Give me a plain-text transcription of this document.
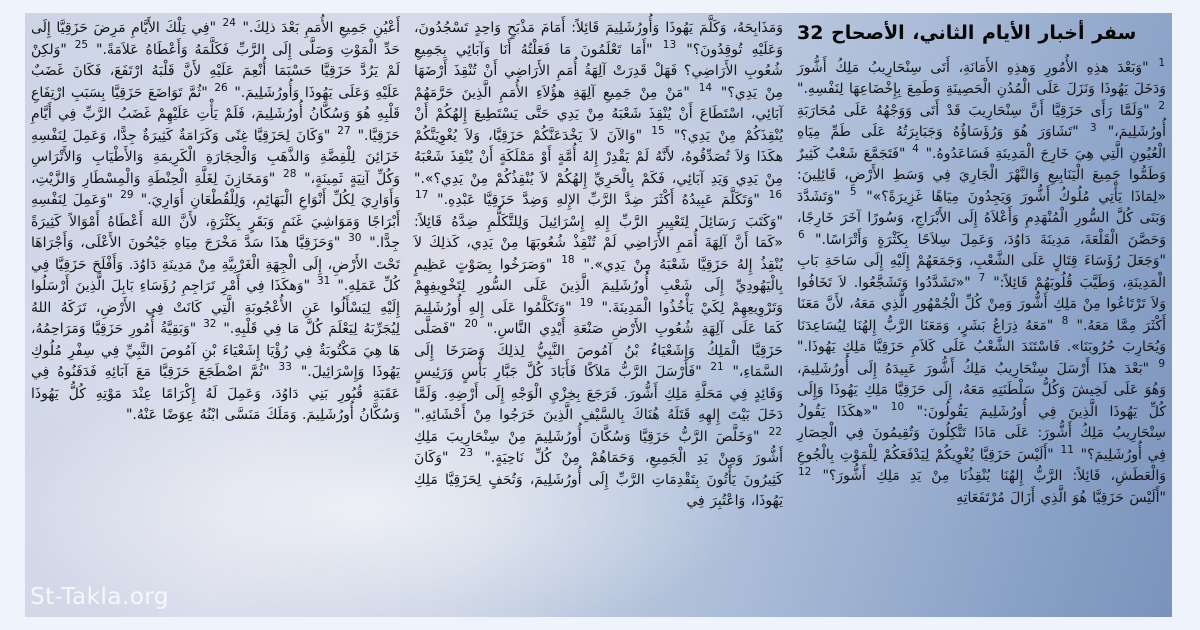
سفر أخبار الأيام الثاني، الأصحاح 32
$^1$ "وَبَعْدَ هذِهِ الأُمُورِ وَهذِهِ الأَمَانَةِ، أَتَى سِنْحَارِيبُ مَلِكُ أَشُّورَ وَدَخَلَ يَهُوذَا وَنَزَلَ عَلَى الْمُدُنِ الْحَصِينَةِ وَطَمِعَ بِإِخْضَاعِهَا لِنَفْسِهِ." $^2$ "وَلَمَّا رَأَى حَزَقِيَّا أَنَّ سِنْحَارِيبَ قَدْ أَتَى وَوَجْهُهُ عَلَى مُحَارَبَةِ أُورُشَلِيمَ،" $^3$ "تَشَاوَرَ هُوَ وَرُؤَسَاؤُهُ وَجَبَابِرَتُهُ عَلَى طَمِّ مِيَاهِ الْعُيُونِ الَّتِي هِيَ خَارِجَ الْمَدِينَةِ فَسَاعَدُوهُ." $^4$ "فَتَجَمَّعَ شَعْبٌ كَثِيرٌ وَطَمُّوا جَمِيعَ الْيَنَابِيعِ وَالنَّهْرَ الْجَارِيَ فِي وَسَطِ الأَرْضِ، قَائِلِينَ: «لِمَاذَا يَأْتِي مُلُوكُ أَشُّورَ وَيَجِدُونَ مِيَاهًا غَزِيرَةً؟»" $^5$ "وَتَشَدَّدَ وَبَنَى كُلَّ السُّورِ الْمُنْهَدِمِ وَأَعْلاَهُ إِلَى الأَبْرَاجِ، وَسُورًا آخَرَ خَارِجًا، وَحَصَّنَ الْقَلْعَةَ، مَدِينَةَ دَاوُدَ، وَعَمِلَ سِلاَحًا بِكَثْرَةٍ وَأَتْرَاسًا." $^6$ "وَجَعَلَ رُؤَسَاءَ قِتَالٍ عَلَى الشَّعْبِ، وَجَمَعَهُمْ إِلَيْهِ إِلَى سَاحَةِ بَابِ الْمَدِينَةِ، وَطَيَّبَ قُلُوبَهُمْ قَائِلاً:" $^7$ "«تَشَدَّدُوا وَتَشَجَّعُوا. لاَ تَخَافُوا وَلاَ تَرْتَاعُوا مِنْ مَلِكِ أَشُّورَ وَمِنْ كُلِّ الْجُمْهُورِ الَّذِي مَعَهُ، لأَنَّ مَعَنَا أَكْثَرَ مِمَّا مَعَهُ." $^8$ "مَعَهُ ذِرَاعُ بَشَرٍ، وَمَعَنَا الرَّبُّ إِلهُنَا لِيُسَاعِدَنَا وَيُحَارِبَ حُرُوبَنَا». فَاسْتَنَدَ الشَّعْبُ عَلَى كَلاَمِ حَزَقِيَّا مَلِكِ يَهُوذَا." $^9$ "بَعْدَ هذَا أَرْسَلَ سِنْحَارِيبُ مَلِكُ أَشُّورَ عَبِيدَهُ إِلَى أُورُشَلِيمَ، وَهُوَ عَلَى لَخِيشَ وَكُلُّ سَلْطَنَتِهِ مَعَهُ، إِلَى حَزَقِيَّا مَلِكِ يَهُوذَا وَإِلَى كُلِّ يَهُوذَا الَّذِينَ فِي أُورُشَلِيمَ يَقُولُونَ:" $^{10}$ "«هكَذَا يَقُولُ سِنْحَارِيبُ مَلِكُ أَشُّورَ: عَلَى مَاذَا تَتَّكِلُونَ وَتُقِيمُونَ فِي الْحِصَارِ فِي أُورُشَلِيمَ؟" $^{11}$ "أَلَيْسَ حَزَقِيَّا يُغْوِيكُمْ لِيَدْفَعَكُمْ لِلْمَوْتِ بِالْجُوعِ وَالْعَطَشِ، قَائِلاً: الرَّبُّ إِلهُنَا يُنْقِذُنَا مِنْ يَدِ مَلِكِ أَشُّورَ؟" $^{12}$ "أَلَيْسَ حَزَقِيَّا هُوَ الَّذِي أَزَالَ مُرْتَفَعَاتِهِ
وَمَذَابِحَهُ، وَكَلَّمَ يَهُوذَا وَأُورُشَلِيمَ قَائِلاً: أَمَامَ مَذْبَحٍ وَاحِدٍ تَسْجُدُونَ، وَعَلَيْهِ تُوقِدُونَ؟" $^{13}$ "أَمَا تَعْلَمُونَ مَا فَعَلْتُهُ أَنَا وَآبَائِي بِجَمِيعِ شُعُوبِ الأَرَاضِي؟ فَهَلْ قَدِرَتْ آلِهَةُ أُمَمِ الأَرَاضِي أَنْ تُنْقِذَ أَرْضَهَا مِنْ يَدِي؟" $^{14}$ "مَنْ مِنْ جَمِيعِ آلِهَةِ هؤُلاَءِ الأُمَمِ الَّذِينَ حَرَّمَهُمْ آبَائِي، اسْتَطَاعَ أَنْ يُنْقِذَ شَعْبَهُ مِنْ يَدِي حَتَّى يَسْتَطِيعَ إِلهُكُمْ أَنْ يُنْقِذَكُمْ مِنْ يَدِي؟" $^{15}$ "وَالآنَ لاَ يَخْدَعَنَّكُمْ حَزَقِيَّا، وَلاَ يُغْوِيَنَّكُمْ هكَذَا وَلاَ تُصَدِّقُوهُ، لأَنَّهُ لَمْ يَقْدِرْ إِلهُ أُمَّةٍ أَوْ مَمْلَكَةٍ أَنْ يُنْقِذَ شَعْبَهُ مِنْ يَدِي وَيَدِ آبَائِي، فَكَمْ بِالْحَرِيِّ إِلهُكُمْ لاَ يُنْقِذُكُمْ مِنْ يَدِي؟»." $^{16}$ "وَتَكَلَّمَ عَبِيدُهُ أَكْثَرَ ضِدَّ الرَّبِّ الإِلهِ وَضِدَّ حَزَقِيَّا عَبْدِهِ." $^{17}$ "وَكَتَبَ رَسَائِلَ لِتَعْيِيرِ الرَّبِّ إِلهِ إِسْرَائِيلَ وَلِلتَّكَلُّمِ ضِدَّهُ قَائِلاً: «كَمَا أَنَّ آلِهَةَ أُمَمِ الأَرَاضِي لَمْ تُنْقِذْ شُعُوبَهَا مِنْ يَدِي، كَذلِكَ لاَ يُنْقِذُ إِلهُ حَزَقِيَّا شَعْبَهُ مِنْ يَدِي»." $^{18}$ "وَصَرَخُوا بِصَوْتٍ عَظِيمٍ بِالْيَهُودِيِّ إِلَى شَعْبِ أُورُشَلِيمَ الَّذِينَ عَلَى السُّورِ لِتَخْوِيفِهِمْ وَتَرْوِيعِهِمْ لِكَيْ يَأْخُذُوا الْمَدِينَةَ." $^{19}$ "وَتَكَلَّمُوا عَلَى إِلهِ أُورُشَلِيمَ كَمَا عَلَى آلِهَةِ شُعُوبِ الأَرْضِ صَنْعَةِ أَيْدِي النَّاسِ." $^{20}$ "فَصَلَّى حَزَقِيَّا الْمَلِكُ وَإِشَعْيَاءُ بْنُ آمُوصَ النَّبِيُّ لِذلِكَ وَصَرَخَا إِلَى السَّمَاءِ،" $^{21}$ "فَأَرْسَلَ الرَّبُّ مَلاَكًا فَأَبَادَ كُلَّ جَبَّارِ بَأْسٍ وَرَئِيسٍ وَقَائِدٍ فِي مَحَلَّةِ مَلِكِ أَشُّورَ. فَرَجَعَ بِخِزْيِ الْوَجْهِ إِلَى أَرْضِهِ. وَلَمَّا دَخَلَ بَيْتَ إِلهِهِ قَتَلَهُ هُنَاكَ بِالسَّيْفِ الَّذِينَ خَرَجُوا مِنْ أَحْشَائِهِ." $^{22}$ "وَخَلَّصَ الرَّبُّ حَزَقِيَّا وَسُكَّانَ أُورُشَلِيمَ مِنْ سِنْحَارِيبَ مَلِكِ أَشُّورَ وَمِنْ يَدِ الْجَمِيعِ، وَحَمَاهُمْ مِنْ كُلِّ نَاحِيَةٍ." $^{23}$ "وَكَانَ كَثِيرُونَ يَأْتُونَ بِتَقْدِمَاتِ الرَّبِّ إِلَى أُورُشَلِيمَ، وَتُحَفٍ لِحَزَقِيَّا مَلِكِ يَهُوذَا، وَاعْتُبِرَ فِي
أَعْيُنِ جَمِيعِ الأُمَمِ بَعْدَ ذلِكَ." $^{24}$ "فِي تِلْكَ الأَيَّامِ مَرِضَ حَزَقِيَّا إِلَى حَدِّ الْمَوْتِ وَصَلَّى إِلَى الرَّبِّ فَكَلَّمَهُ وَأَعْطَاهُ عَلاَمَةً." $^{25}$ "وَلكِنْ لَمْ يَرُدَّ حَزَقِيَّا حَسْبَمَا أُنْعِمَ عَلَيْهِ لأَنَّ قَلْبَهُ ارْتَفَعَ، فَكَانَ غَضَبٌ عَلَيْهِ وَعَلَى يَهُوذَا وَأُورُشَلِيمَ." $^{26}$ "ثُمَّ تَوَاضَعَ حَزَقِيَّا بِسَبَبِ ارْتِفَاعِ قَلْبِهِ هُوَ وَسُكَّانُ أُورُشَلِيمَ، فَلَمْ يَأْتِ عَلَيْهِمْ غَضَبُ الرَّبِّ فِي أَيَّامِ حَزَقِيَّا." $^{27}$ "وَكَانَ لِحَزَقِيَّا غِنًى وَكَرَامَةٌ كَثِيرَةٌ جِدًّا، وَعَمِلَ لِنَفْسِهِ خَزَائِنَ لِلْفِضَّةِ وَالذَّهَبِ وَالْحِجَارَةِ الْكَرِيمَةِ وَالأَطْيَابِ وَالأَتْرَاسِ وَكُلِّ آنِيَةٍ ثَمِينَةٍ،" $^{28}$ "وَمَخَازِنَ لِغَلَّةِ الْحِنْطَةِ وَالْمِسْطَارِ وَالزَّيْتِ، وَأَوَارِيَ لِكُلِّ أَنْوَاعِ الْبَهَائِمِ، وَلِلْقُطْعَانِ أَوَارِيَ." $^{29}$ "وَعَمِلَ لِنَفْسِهِ أَبْرَاجًا وَمَوَاشِيَ غَنَمٍ وَبَقَرٍ بِكَثْرَةٍ، لأَنَّ اللهَ أَعْطَاهُ أَمْوَالاً كَثِيرَةً جِدًّا." $^{30}$ "وَحَزَقِيَّا هذَا سَدَّ مَخْرَجَ مِيَاهِ جَيْحُونَ الأَعْلَى، وَأَجْرَاهَا تَحْتَ الأَرْضِ، إِلَى الْجِهَةِ الْغَرْبِيَّةِ مِنْ مَدِينَةِ دَاوُدَ. وَأَفْلَحَ حَزَقِيَّا فِي كُلِّ عَمَلِهِ." $^{31}$ "وَهكَذَا فِي أَمْرِ تَرَاجِمِ رُؤَسَاءِ بَابِلَ الَّذِينَ أَرْسَلُوا إِلَيْهِ لِيَسْأَلُوا عَنِ الأُعْجُوبَةِ الَّتِي كَانَتْ فِي الأَرْضِ، تَرَكَهُ اللهُ لِيُجَرِّبَهُ لِيَعْلَمَ كُلَّ مَا فِي قَلْبِهِ." $^{32}$ "وَبَقِيَّةُ أُمُورِ حَزَقِيَّا وَمَرَاحِمُهُ، هَا هِيَ مَكْتُوبَةٌ فِي رُؤْيَا إِشَعْيَاءَ بْنِ آمُوصَ النَّبِيِّ فِي سِفْرِ مُلُوكِ يَهُوذَا وَإِسْرَائِيلَ." $^{33}$ "ثُمَّ اضْطَجَعَ حَزَقِيَّا مَعَ آبَائِهِ فَدَفَنُوهُ فِي عَقَبَةِ قُبُورِ بَنِي دَاوُدَ، وَعَمِلَ لَهُ إِكْرَامًا عِنْدَ مَوْتِهِ كُلُّ يَهُوذَا وَسُكَّانُ أُورُشَلِيمَ. وَمَلَكَ مَنَسَّى ابْنُهُ عِوَضًا عَنْهُ."
St-Takla.org
